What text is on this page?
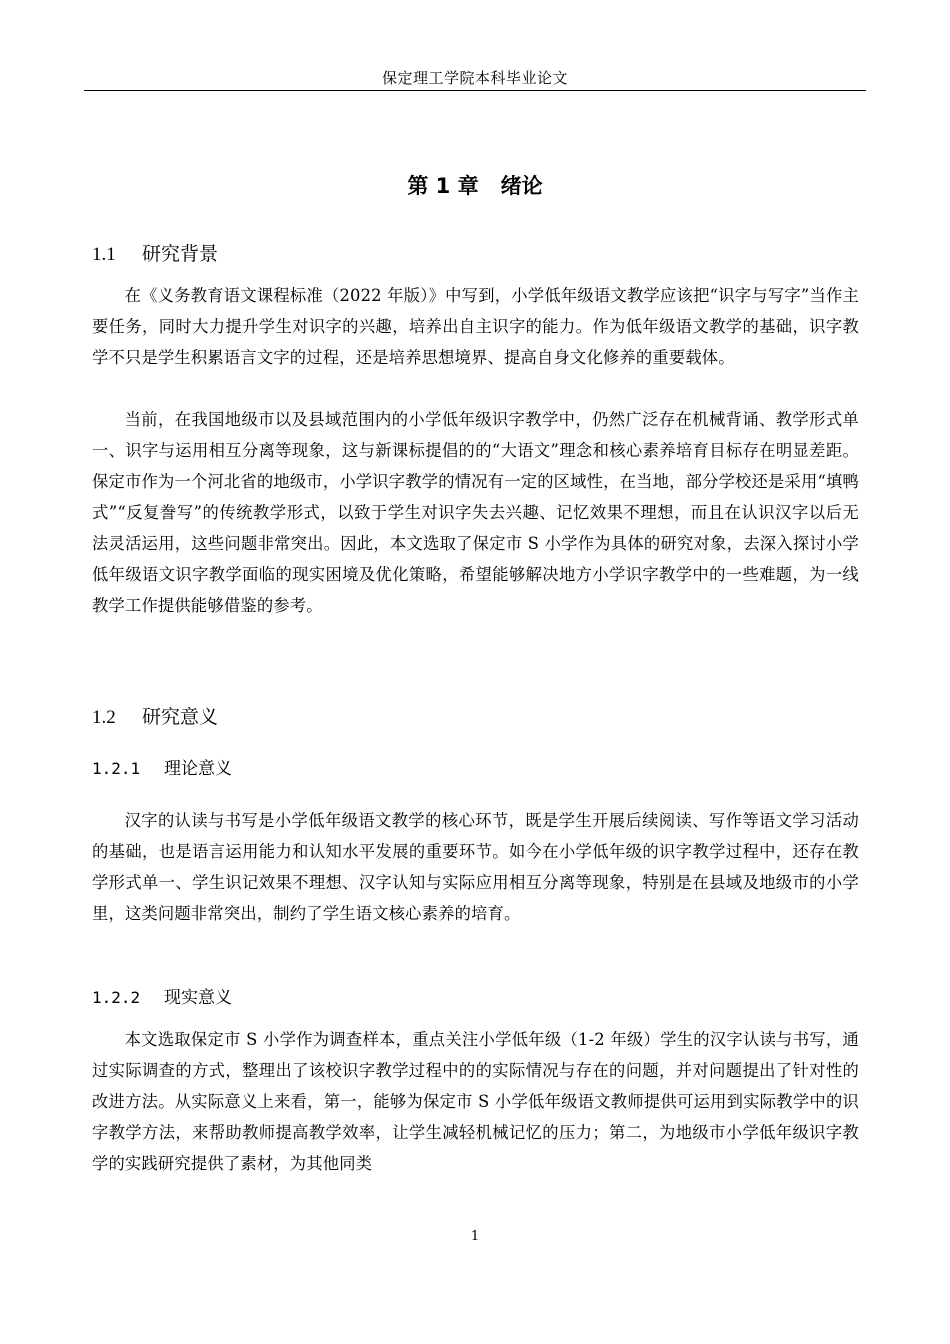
保定理工学院本科毕业论文
第 1 章 绪论
1.1 研究背景
在《义务教育语文课程标准（2022 年版）》中写到，小学低年级语文教学应该把“识字与写字”当作主要任务，同时大力提升学生对识字的兴趣，培养出自主识字的能力。作为低年级语文教学的基础，识字教学不只是学生积累语言文字的过程，还是培养思想境界、提高自身文化修养的重要载体。
当前，在我国地级市以及县域范围内的小学低年级识字教学中，仍然广泛存在机械背诵、教学形式单一、识字与运用相互分离等现象，这与新课标提倡的的“大语文”理念和核心素养培育目标存在明显差距。保定市作为一个河北省的地级市，小学识字教学的情况有一定的区域性，在当地，部分学校还是采用“填鸭式”“反复誊写”的传统教学形式，以致于学生对识字失去兴趣、记忆效果不理想，而且在认识汉字以后无法灵活运用，这些问题非常突出。因此，本文选取了保定市 S 小学作为具体的研究对象，去深入探讨小学低年级语文识字教学面临的现实困境及优化策略，希望能够解决地方小学识字教学中的一些难题，为一线教学工作提供能够借鉴的参考。
1.2 研究意义
1.2.1 理论意义
汉字的认读与书写是小学低年级语文教学的核心环节，既是学生开展后续阅读、写作等语文学习活动的基础，也是语言运用能力和认知水平发展的重要环节。如今在小学低年级的识字教学过程中，还存在教学形式单一、学生识记效果不理想、汉字认知与实际应用相互分离等现象，特别是在县域及地级市的小学里，这类问题非常突出，制约了学生语文核心素养的培育。
1.2.2 现实意义
本文选取保定市 S 小学作为调查样本，重点关注小学低年级（1-2 年级）学生的汉字认读与书写，通过实际调查的方式，整理出了该校识字教学过程中的的实际情况与存在的问题，并对问题提出了针对性的改进方法。从实际意义上来看，第一，能够为保定市 S 小学低年级语文教师提供可运用到实际教学中的识字教学方法，来帮助教师提高教学效率，让学生减轻机械记忆的压力；第二，为地级市小学低年级识字教学的实践研究提供了素材，为其他同类
1
